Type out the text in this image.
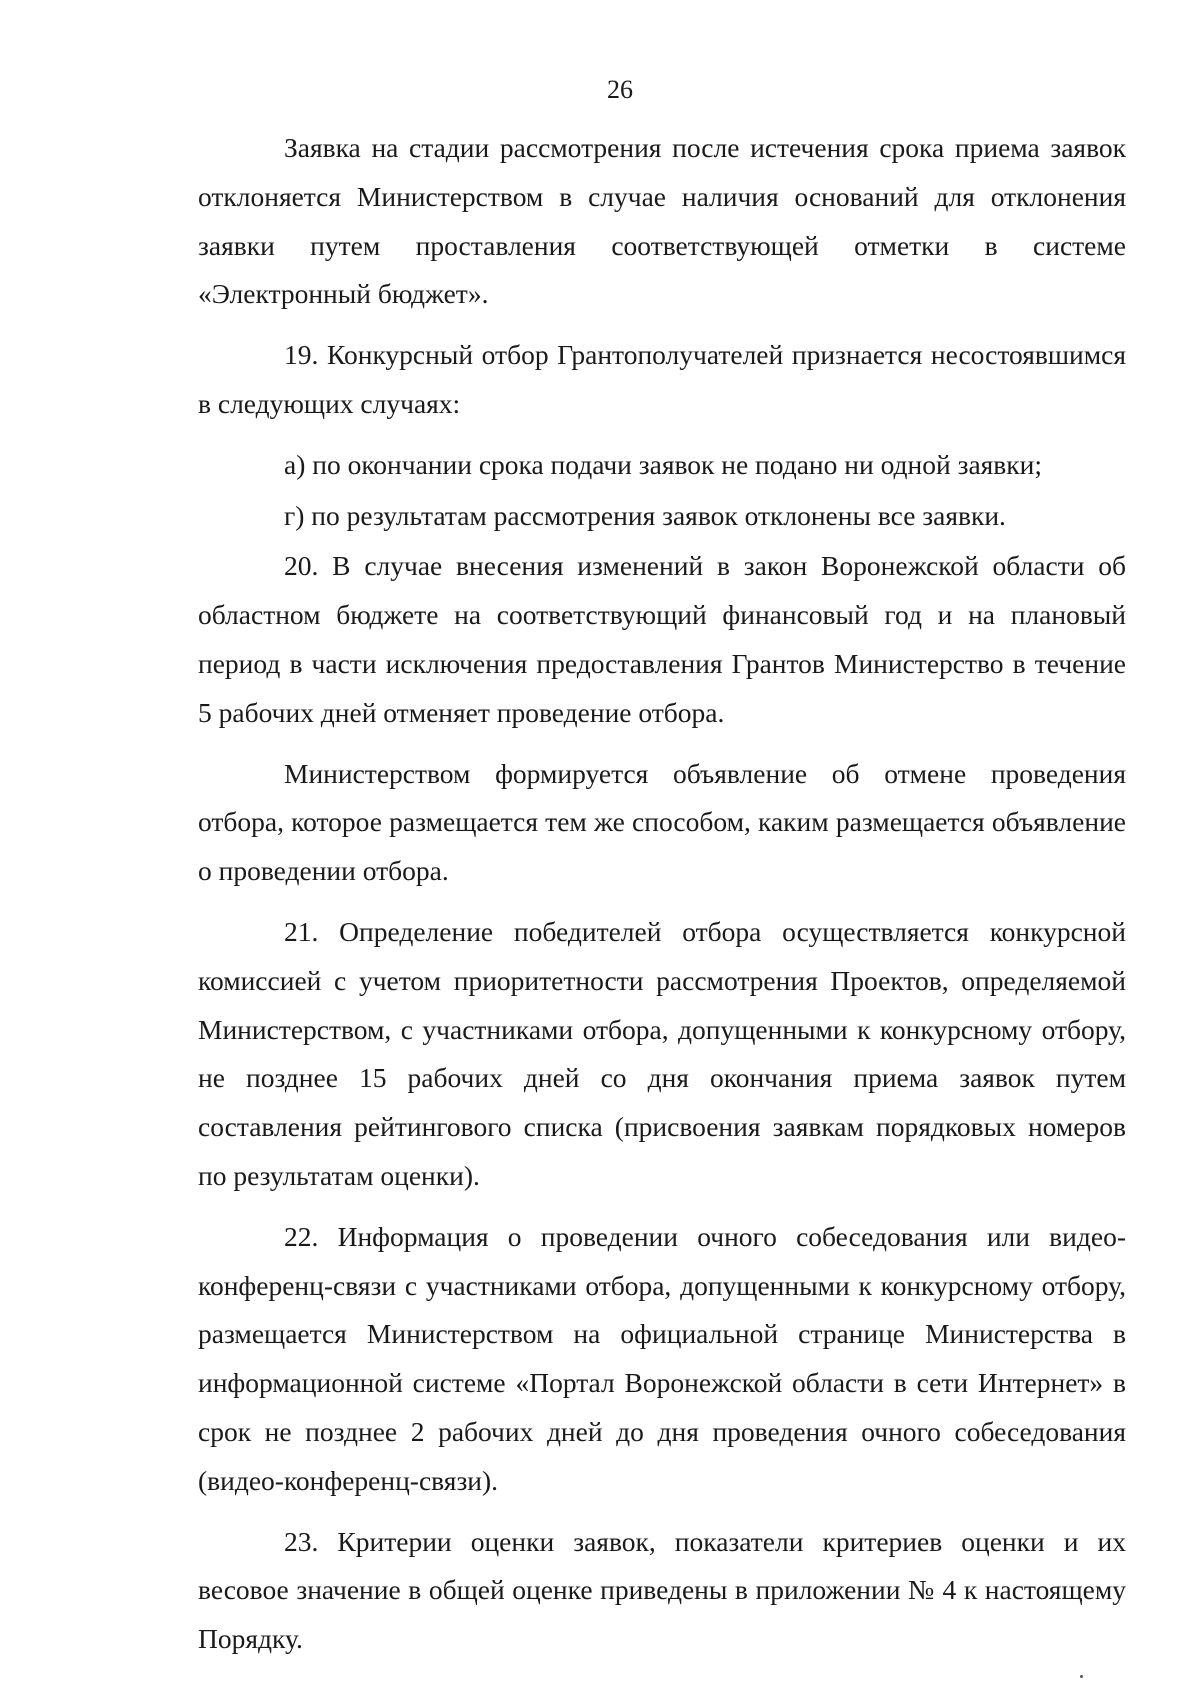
26

Заявка на стадии рассмотрения после истечения срока приема заявок отклоняется Министерством в случае наличия оснований для отклонения заявки путем проставления соответствующей отметки в системе «Электронный бюджет».

19. Конкурсный отбор Грантополучателей признается несостоявшимся в следующих случаях:

а) по окончании срока подачи заявок не подано ни одной заявки;

г) по результатам рассмотрения заявок отклонены все заявки.

20. В случае внесения изменений в закон Воронежской области об областном бюджете на соответствующий финансовый год и на плановый период в части исключения предоставления Грантов Министерство в течение 5 рабочих дней отменяет проведение отбора.

Министерством формируется объявление об отмене проведения отбора, которое размещается тем же способом, каким размещается объявление о проведении отбора.

21. Определение победителей отбора осуществляется конкурсной комиссией с учетом приоритетности рассмотрения Проектов, определяемой Министерством, с участниками отбора, допущенными к конкурсному отбору, не позднее 15 рабочих дней со дня окончания приема заявок путем составления рейтингового списка (присвоения заявкам порядковых номеров по результатам оценки).

22. Информация о проведении очного собеседования или видео-конференц-связи с участниками отбора, допущенными к конкурсному отбору, размещается Министерством на официальной странице Министерства в информационной системе «Портал Воронежской области в сети Интернет» в срок не позднее 2 рабочих дней до дня проведения очного собеседования (видео-конференц-связи).

23. Критерии оценки заявок, показатели критериев оценки и их весовое значение в общей оценке приведены в приложении № 4 к настоящему Порядку.
